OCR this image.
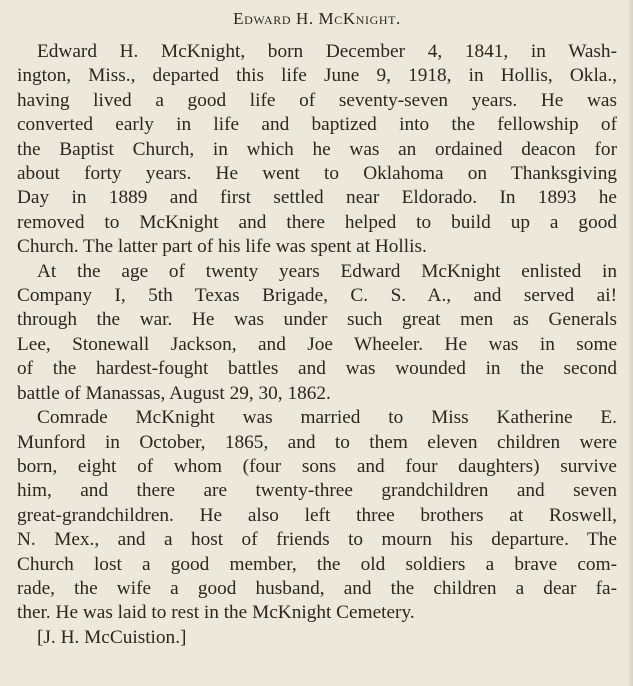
Edward H. McKnight.
Edward H. McKnight, born December 4, 1841, in Wash-
ington, Miss., departed this life June 9, 1918, in Hollis, Okla.,
having lived a good life of seventy-seven years. He was
converted early in life and baptized into the fellowship of
the Baptist Church, in which he was an ordained deacon for
about forty years. He went to Oklahoma on Thanksgiving
Day in 1889 and first settled near Eldorado. In 1893 he
removed to McKnight and there helped to build up a good
Church. The latter part of his life was spent at Hollis.
At the age of twenty years Edward McKnight enlisted in
Company I, 5th Texas Brigade, C. S. A., and served ai!
through the war. He was under such great men as Generals
Lee, Stonewall Jackson, and Joe Wheeler. He was in some
of the hardest-fought battles and was wounded in the second
battle of Manassas, August 29, 30, 1862.
Comrade McKnight was married to Miss Katherine E.
Munford in October, 1865, and to them eleven children were
born, eight of whom (four sons and four daughters) survive
him, and there are twenty-three grandchildren and seven
great-grandchildren. He also left three brothers at Roswell,
N. Mex., and a host of friends to mourn his departure. The
Church lost a good member, the old soldiers a brave com-
rade, the wife a good husband, and the children a dear fa-
ther. He was laid to rest in the McKnight Cemetery.
[J. H. McCuistion.]
